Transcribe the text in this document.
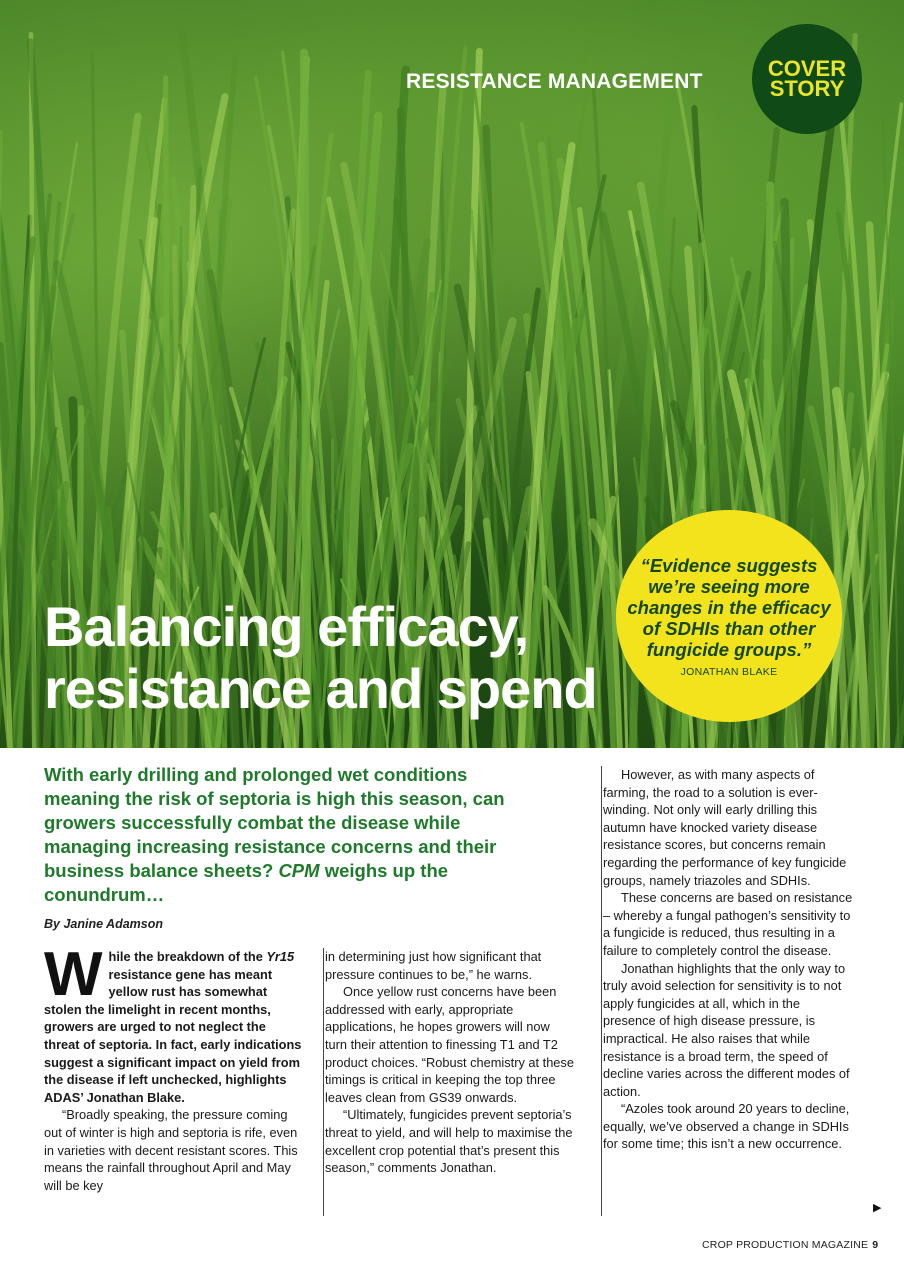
RESISTANCE MANAGEMENT
COVER
STORY
Balancing efficacy,
resistance and spend
“Evidence suggests we’re seeing more changes in the efficacy of SDHIs than other fungicide groups.”
JONATHAN BLAKE
With early drilling and prolonged wet conditions meaning the risk of septoria is high this season, can growers successfully combat the disease while managing increasing resistance concerns and their business balance sheets? CPM weighs up the conundrum…
By Janine Adamson

While the breakdown of the Yr15 resistance gene has meant yellow rust has somewhat stolen the limelight in recent months, growers are urged to not neglect the threat of septoria. In fact, early indications suggest a significant impact on yield from the disease if left unchecked, highlights ADAS’ Jonathan Blake.

“Broadly speaking, the pressure coming out of winter is high and septoria is rife, even in varieties with decent resistant scores. This means the rainfall throughout April and May will be key

in determining just how significant that pressure continues to be,” he warns.

Once yellow rust concerns have been addressed with early, appropriate applications, he hopes growers will now turn their attention to finessing T1 and T2 product choices. “Robust chemistry at these timings is critical in keeping the top three leaves clean from GS39 onwards.

“Ultimately, fungicides prevent septoria’s threat to yield, and will help to maximise the excellent crop potential that’s present this season,” comments Jonathan.

However, as with many aspects of farming, the road to a solution is ever-winding. Not only will early drilling this autumn have knocked variety disease resistance scores, but concerns remain regarding the performance of key fungicide groups, namely triazoles and SDHIs.

These concerns are based on resistance – whereby a fungal pathogen’s sensitivity to a fungicide is reduced, thus resulting in a failure to completely control the disease.

Jonathan highlights that the only way to truly avoid selection for sensitivity is to not apply fungicides at all, which in the presence of high disease pressure, is impractical. He also raises that while resistance is a broad term, the speed of decline varies across the different modes of action.

“Azoles took around 20 years to decline, equally, we’ve observed a change in SDHIs for some time; this isn’t a new occurrence.

▶
CROP PRODUCTION MAGAZINE 9
